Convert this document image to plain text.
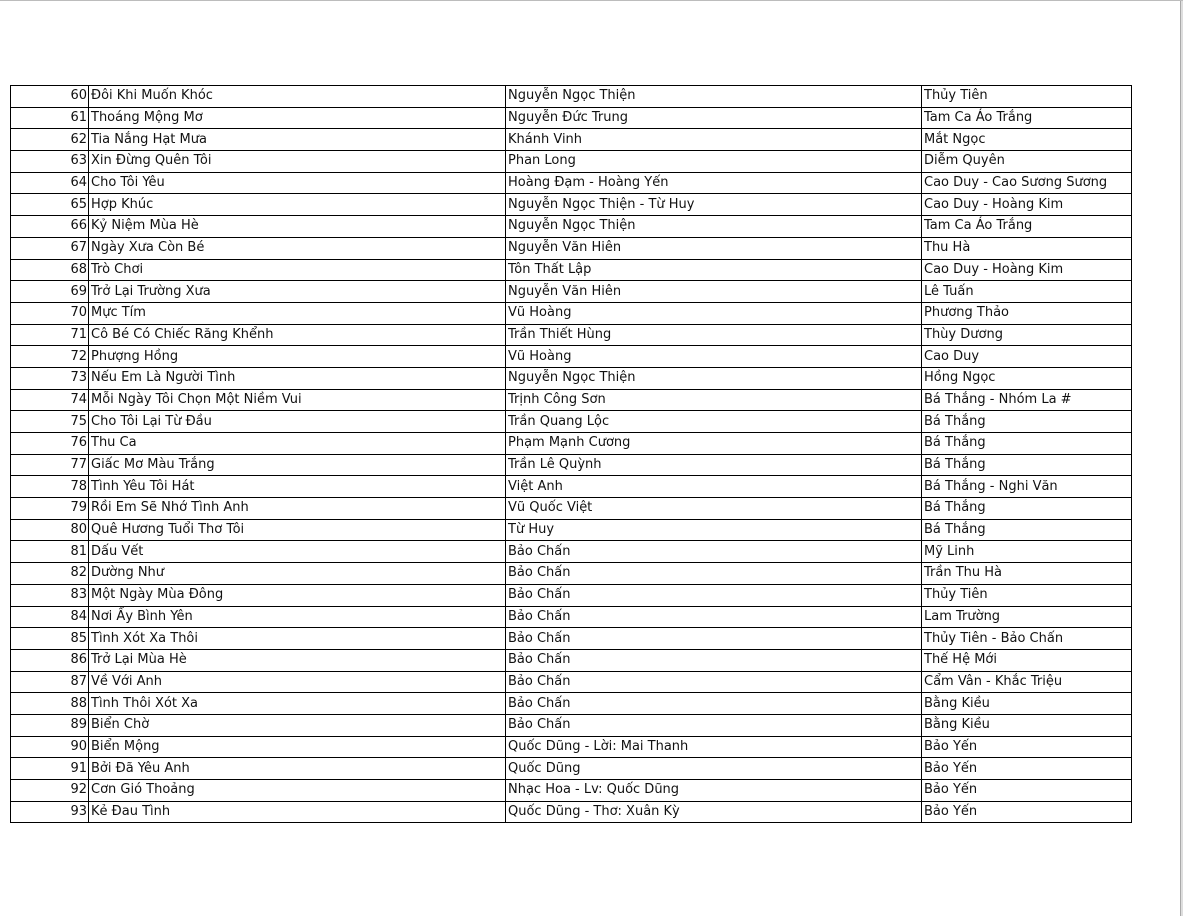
60	Đôi Khi Muốn Khóc	Nguyễn Ngọc Thiện	Thủy Tiên
61	Thoáng Mộng Mơ	Nguyễn Đức Trung	Tam Ca Áo Trắng
62	Tia Nắng Hạt Mưa	Khánh Vinh	Mắt Ngọc
63	Xin Đừng Quên Tôi	Phan Long	Diễm Quyên
64	Cho Tôi Yêu	Hoàng Đạm - Hoàng Yến	Cao Duy - Cao Sương Sương
65	Hợp Khúc	Nguyễn Ngọc Thiện - Từ Huy	Cao Duy - Hoàng Kim
66	Kỷ Niệm Mùa Hè	Nguyễn Ngọc Thiện	Tam Ca Áo Trắng
67	Ngày Xưa Còn Bé	Nguyễn Văn Hiên	Thu Hà
68	Trò Chơi	Tôn Thất Lập	Cao Duy - Hoàng Kim
69	Trở Lại Trường Xưa	Nguyễn Văn Hiên	Lê Tuấn
70	Mực Tím	Vũ Hoàng	Phương Thảo
71	Cô Bé Có Chiếc Răng Khểnh	Trần Thiết Hùng	Thùy Dương
72	Phượng Hồng	Vũ Hoàng	Cao Duy
73	Nếu Em Là Người Tình	Nguyễn Ngọc Thiện	Hồng Ngọc
74	Mỗi Ngày Tôi Chọn Một Niềm Vui	Trịnh Công Sơn	Bá Thắng - Nhóm La #
75	Cho Tôi Lại Từ Đầu	Trần Quang Lộc	Bá Thắng
76	Thu Ca	Phạm Mạnh Cương	Bá Thắng
77	Giấc Mơ Màu Trắng	Trần Lê Quỳnh	Bá Thắng
78	Tình Yêu Tôi Hát	Việt Anh	Bá Thắng - Nghi Văn
79	Rồi Em Sẽ Nhớ Tình Anh	Vũ Quốc Việt	Bá Thắng
80	Quê Hương Tuổi Thơ Tôi	Từ Huy	Bá Thắng
81	Dấu Vết	Bảo Chấn	Mỹ Linh
82	Dường Như	Bảo Chấn	Trần Thu Hà
83	Một Ngày Mùa Đông	Bảo Chấn	Thủy Tiên
84	Nơi Ấy Bình Yên	Bảo Chấn	Lam Trường
85	Tình Xót Xa Thôi	Bảo Chấn	Thủy Tiên - Bảo Chấn
86	Trở Lại Mùa Hè	Bảo Chấn	Thế Hệ Mới
87	Về Với Anh	Bảo Chấn	Cẩm Vân - Khắc Triệu
88	Tình Thôi Xót Xa	Bảo Chấn	Bằng Kiều
89	Biển Chờ	Bảo Chấn	Bằng Kiều
90	Biển Mộng	Quốc Dũng - Lời: Mai Thanh	Bảo Yến
91	Bởi Đã Yêu Anh	Quốc Dũng	Bảo Yến
92	Cơn Gió Thoảng	Nhạc Hoa - Lv: Quốc Dũng	Bảo Yến
93	Kẻ Đau Tình	Quốc Dũng - Thơ: Xuân Kỳ	Bảo Yến
